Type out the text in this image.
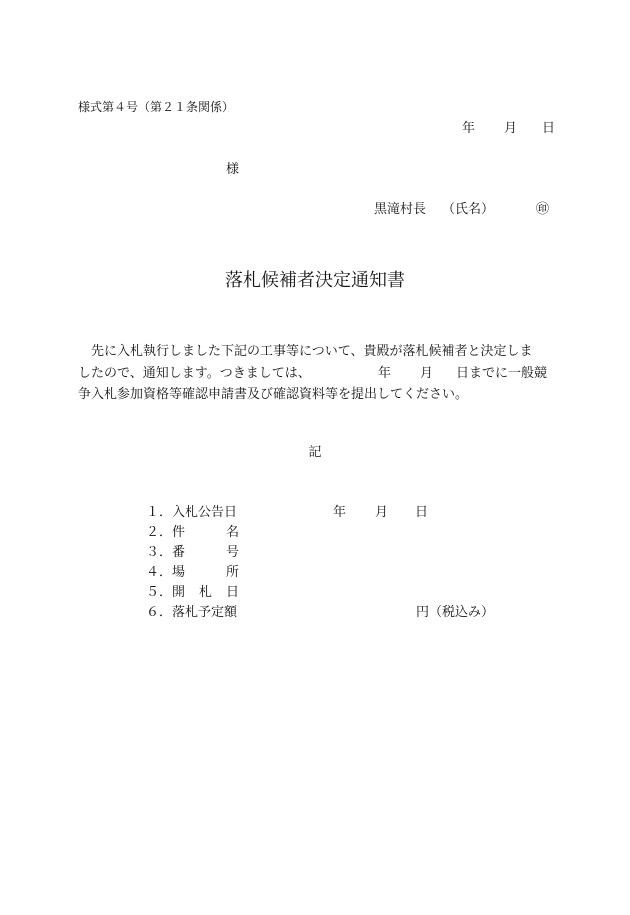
様式第４号（第２１条関係）
年 月 日
様
黒滝村長 （氏名）	㊞
落札候補者決定通知書
先に入札執行しました下記の工事等について、貴殿が落札候補者と決定しま
したので、通知します。つきましては、	年 月 日までに一般競
争入札参加資格等確認申請書及び確認資料等を提出してください。
記
１． 入札公告日	年 月 日
２． 件	名
３． 番	号
４． 場	所
５． 開 札 日
６． 落札予定額	円（税込み）
